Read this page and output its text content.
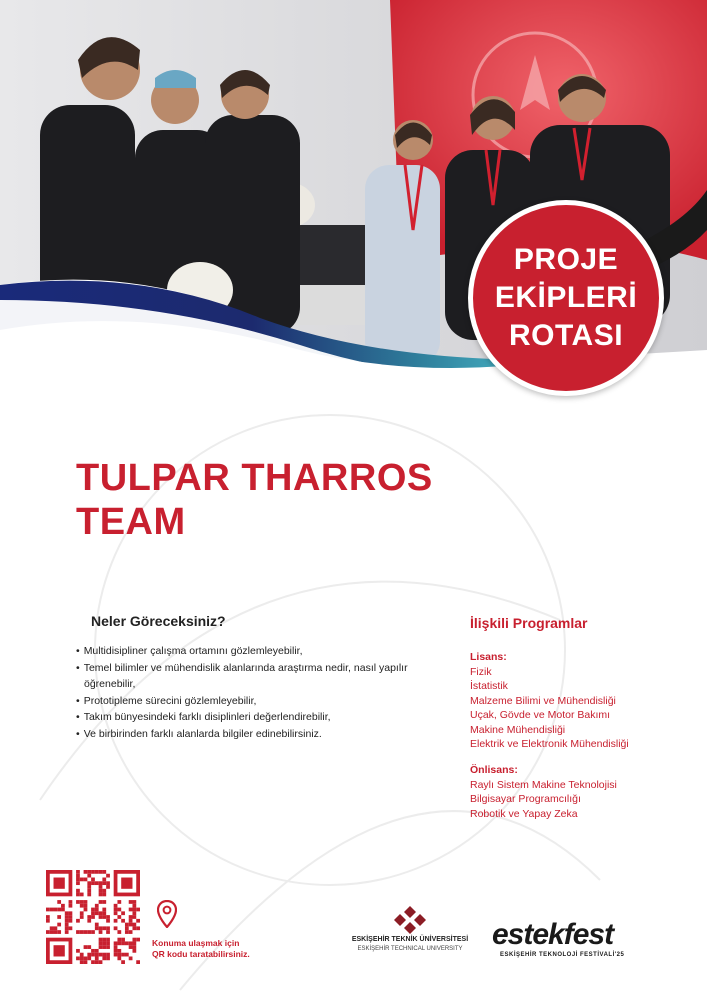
PROJE
EKİPLERİ
ROTASI
TULPAR THARROS
TEAM
Neler Göreceksiniz?
• Multidisipliner çalışma ortamını gözlemleyebilir,
• Temel bilimler ve mühendislik alanlarında araştırma nedir, nasıl yapılır öğrenebilir,
• Prototipleme sürecini gözlemleyebilir,
• Takım bünyesindeki farklı disiplinleri değerlendirebilir,
• Ve birbirinden farklı alanlarda bilgiler edinebilirsiniz.
İlişkili Programlar
Lisans:
Fizik
İstatistik
Malzeme Bilimi ve Mühendisliği
Uçak, Gövde ve Motor Bakımı
Makine Mühendisliği
Elektrik ve Elektronik Mühendisliği
Önlisans:
Raylı Sistem Makine Teknolojisi
Bilgisayar Programcılığı
Robotik ve Yapay Zeka
Konuma ulaşmak için
QR kodu taratabilirsiniz.
ESKİŞEHİR TEKNİK ÜNİVERSİTESİ
ESKİŞEHİR TECHNICAL UNIVERSITY estekfest
ESKİŞEHİR TEKNOLOJİ FESTİVALİ'25
